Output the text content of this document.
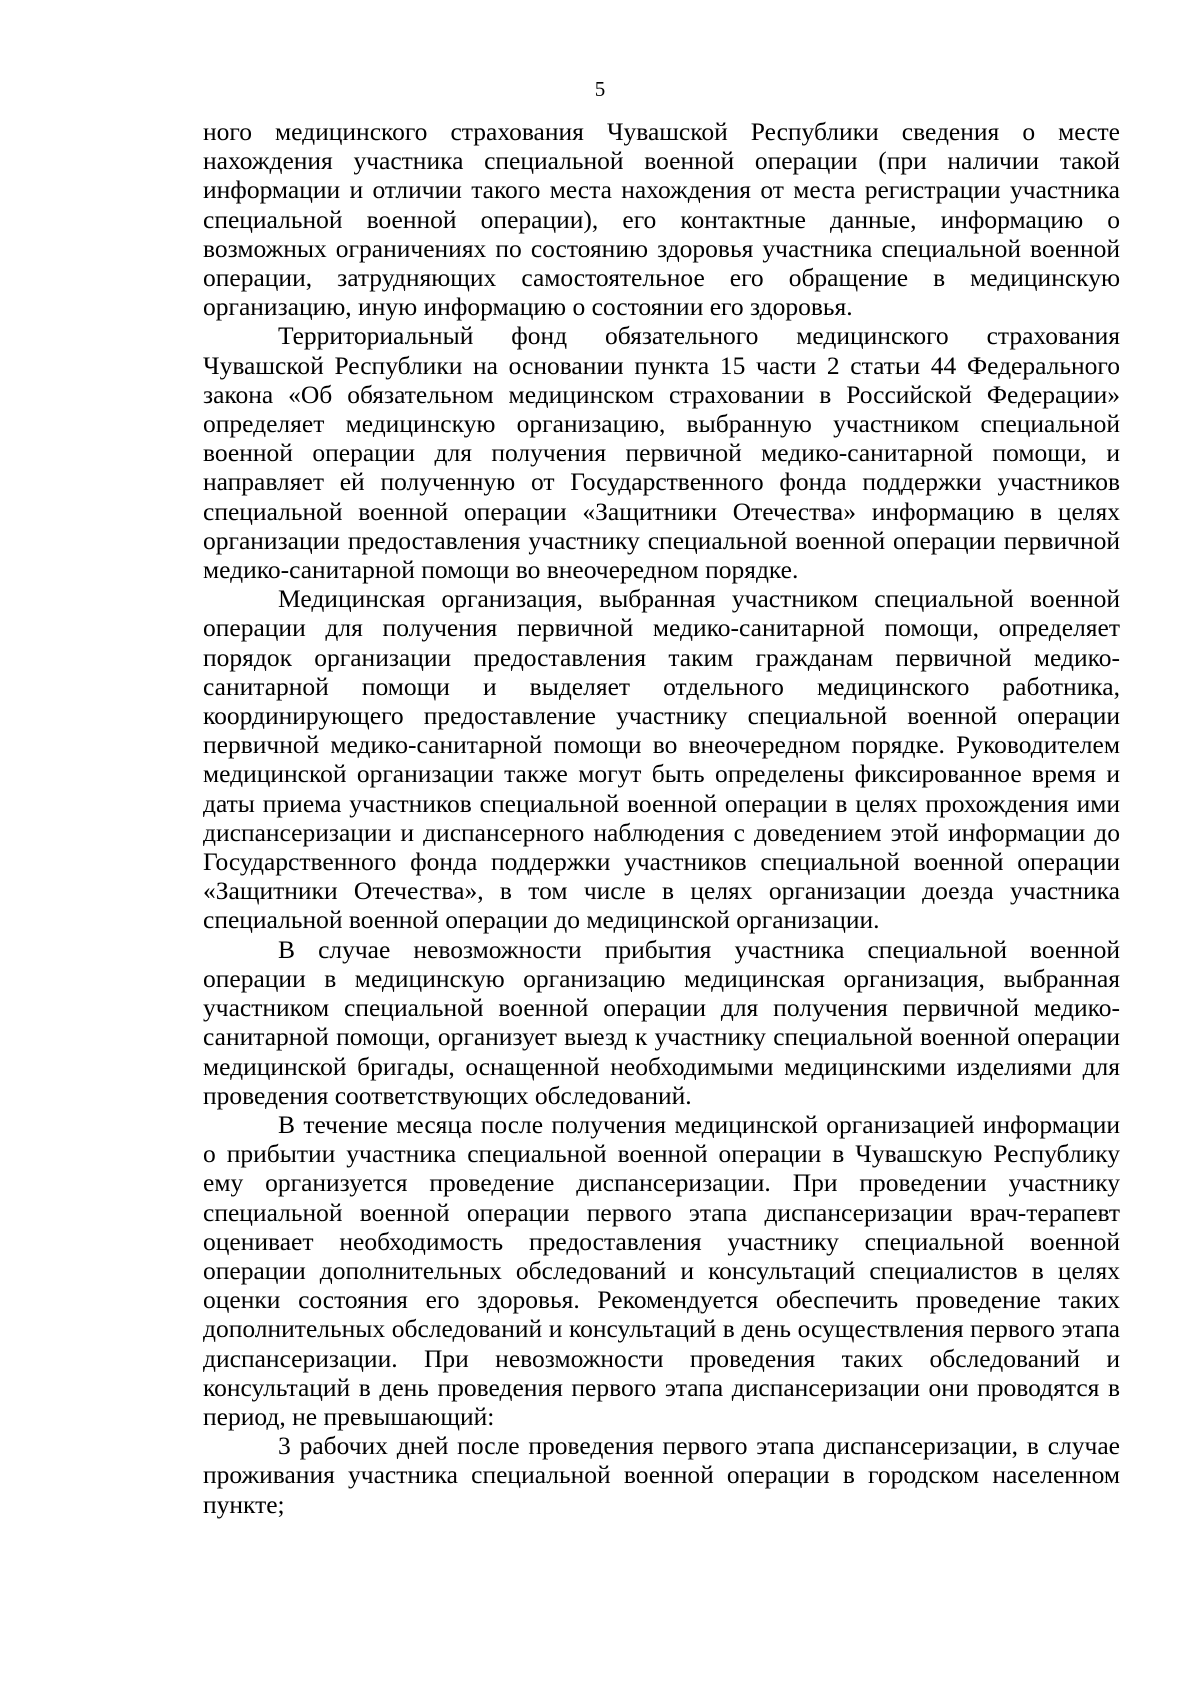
5

ного медицинского страхования Чувашской Республики сведения о месте нахождения участника специальной военной операции (при наличии такой информации и отличии такого места нахождения от места регистрации участника специальной военной операции), его контактные данные, информацию о возможных ограничениях по состоянию здоровья участника специальной военной операции, затрудняющих самостоятельное его обращение в медицинскую организацию, иную информацию о состоянии его здоровья.

Территориальный фонд обязательного медицинского страхования Чувашской Республики на основании пункта 15 части 2 статьи 44 Федерального закона «Об обязательном медицинском страховании в Российской Федерации» определяет медицинскую организацию, выбранную участником специальной военной операции для получения первичной медико-санитарной помощи, и направляет ей полученную от Государственного фонда поддержки участников специальной военной операции «Защитники Отечества» информацию в целях организации предоставления участнику специальной военной операции первичной медико-санитарной помощи во внеочередном порядке.

Медицинская организация, выбранная участником специальной военной операции для получения первичной медико-санитарной помощи, определяет порядок организации предоставления таким гражданам первичной медико-санитарной помощи и выделяет отдельного медицинского работника, координирующего предоставление участнику специальной военной операции первичной медико-санитарной помощи во внеочередном порядке. Руководителем медицинской организации также могут быть определены фиксированное время и даты приема участников специальной военной операции в целях прохождения ими диспансеризации и диспансерного наблюдения с доведением этой информации до Государственного фонда поддержки участников специальной военной операции «Защитники Отечества», в том числе в целях организации доезда участника специальной военной операции до медицинской организации.

В случае невозможности прибытия участника специальной военной операции в медицинскую организацию медицинская организация, выбранная участником специальной военной операции для получения первичной медико-санитарной помощи, организует выезд к участнику специальной военной операции медицинской бригады, оснащенной необходимыми медицинскими изделиями для проведения соответствующих обследований.

В течение месяца после получения медицинской организацией информации о прибытии участника специальной военной операции в Чувашскую Республику ему организуется проведение диспансеризации. При проведении участнику специальной военной операции первого этапа диспансеризации врач-терапевт оценивает необходимость предоставления участнику специальной военной операции дополнительных обследований и консультаций специалистов в целях оценки состояния его здоровья. Рекомендуется обеспечить проведение таких дополнительных обследований и консультаций в день осуществления первого этапа диспансеризации. При невозможности проведения таких обследований и консультаций в день проведения первого этапа диспансеризации они проводятся в период, не превышающий:

3 рабочих дней после проведения первого этапа диспансеризации, в случае проживания участника специальной военной операции в городском населенном пункте;
